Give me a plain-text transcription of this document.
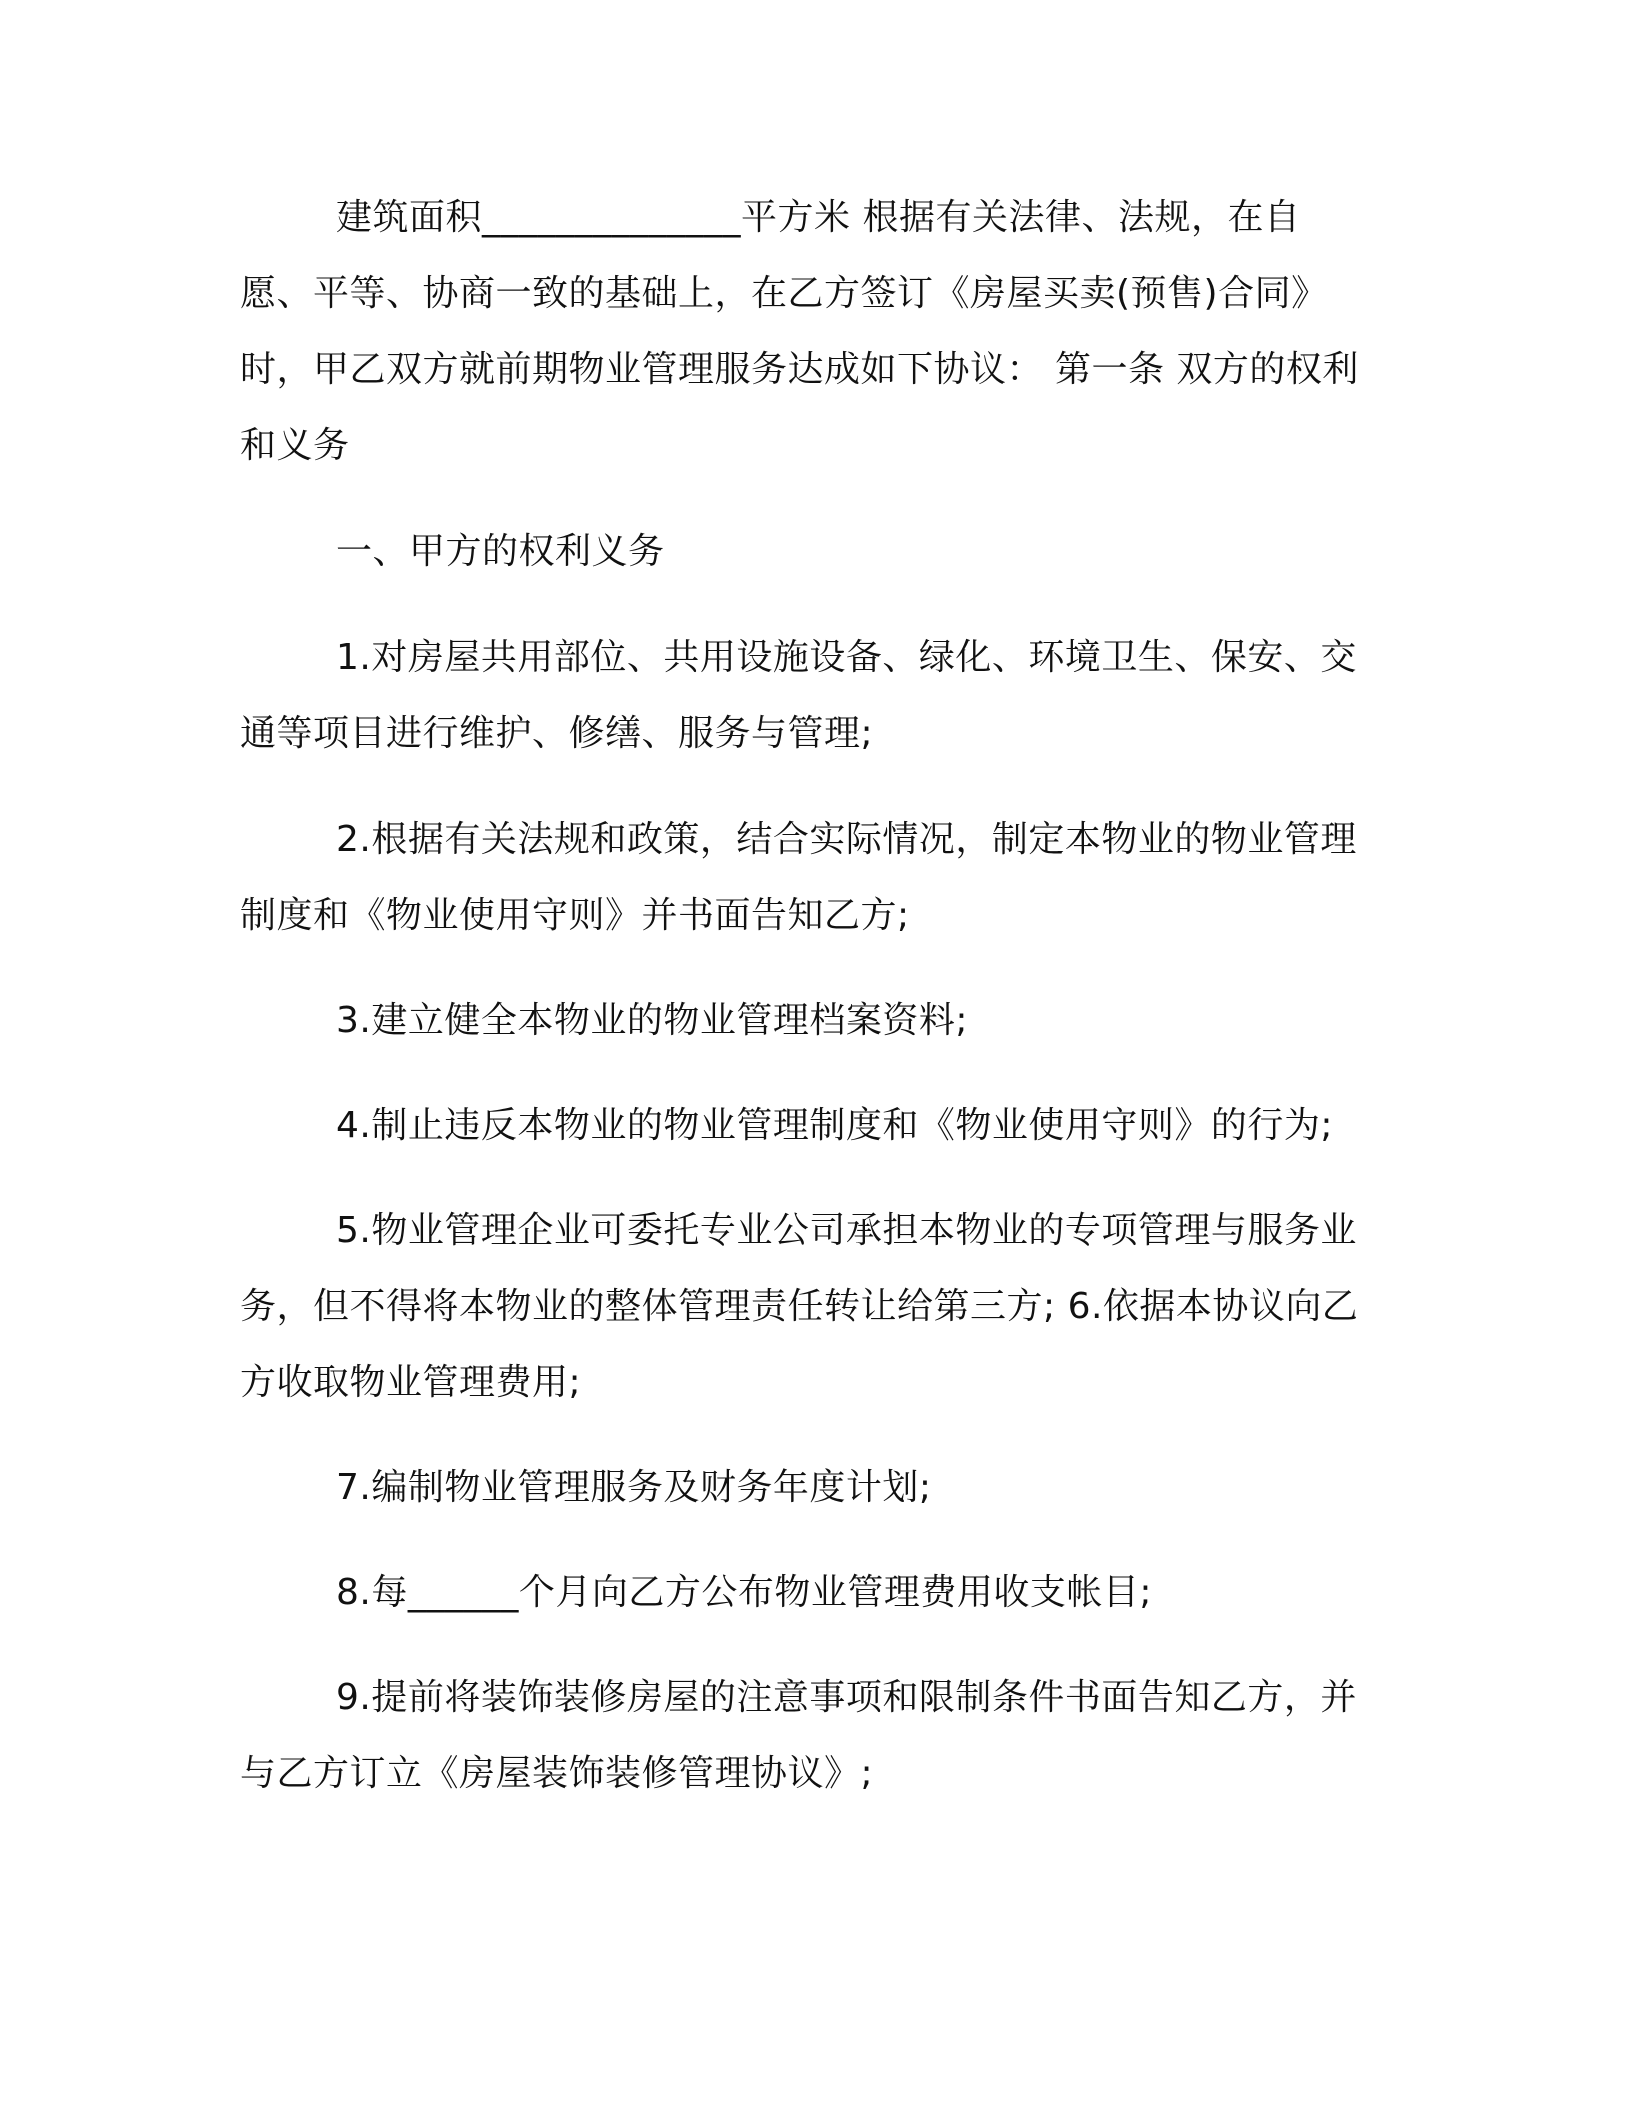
建筑面积______________平方米 根据有关法律、法规，在自愿、平等、协商一致的基础上，在乙方签订《房屋买卖(预售)合同》时，甲乙双方就前期物业管理服务达成如下协议： 第一条 双方的权利和义务

一、甲方的权利义务

1.对房屋共用部位、共用设施设备、绿化、环境卫生、保安、交通等项目进行维护、修缮、服务与管理;

2.根据有关法规和政策，结合实际情况，制定本物业的物业管理制度和《物业使用守则》并书面告知乙方;

3.建立健全本物业的物业管理档案资料;

4.制止违反本物业的物业管理制度和《物业使用守则》的行为;

5.物业管理企业可委托专业公司承担本物业的专项管理与服务业务，但不得将本物业的整体管理责任转让给第三方; 6.依据本协议向乙方收取物业管理费用;

7.编制物业管理服务及财务年度计划;

8.每______个月向乙方公布物业管理费用收支帐目;

9.提前将装饰装修房屋的注意事项和限制条件书面告知乙方，并与乙方订立《房屋装饰装修管理协议》;
